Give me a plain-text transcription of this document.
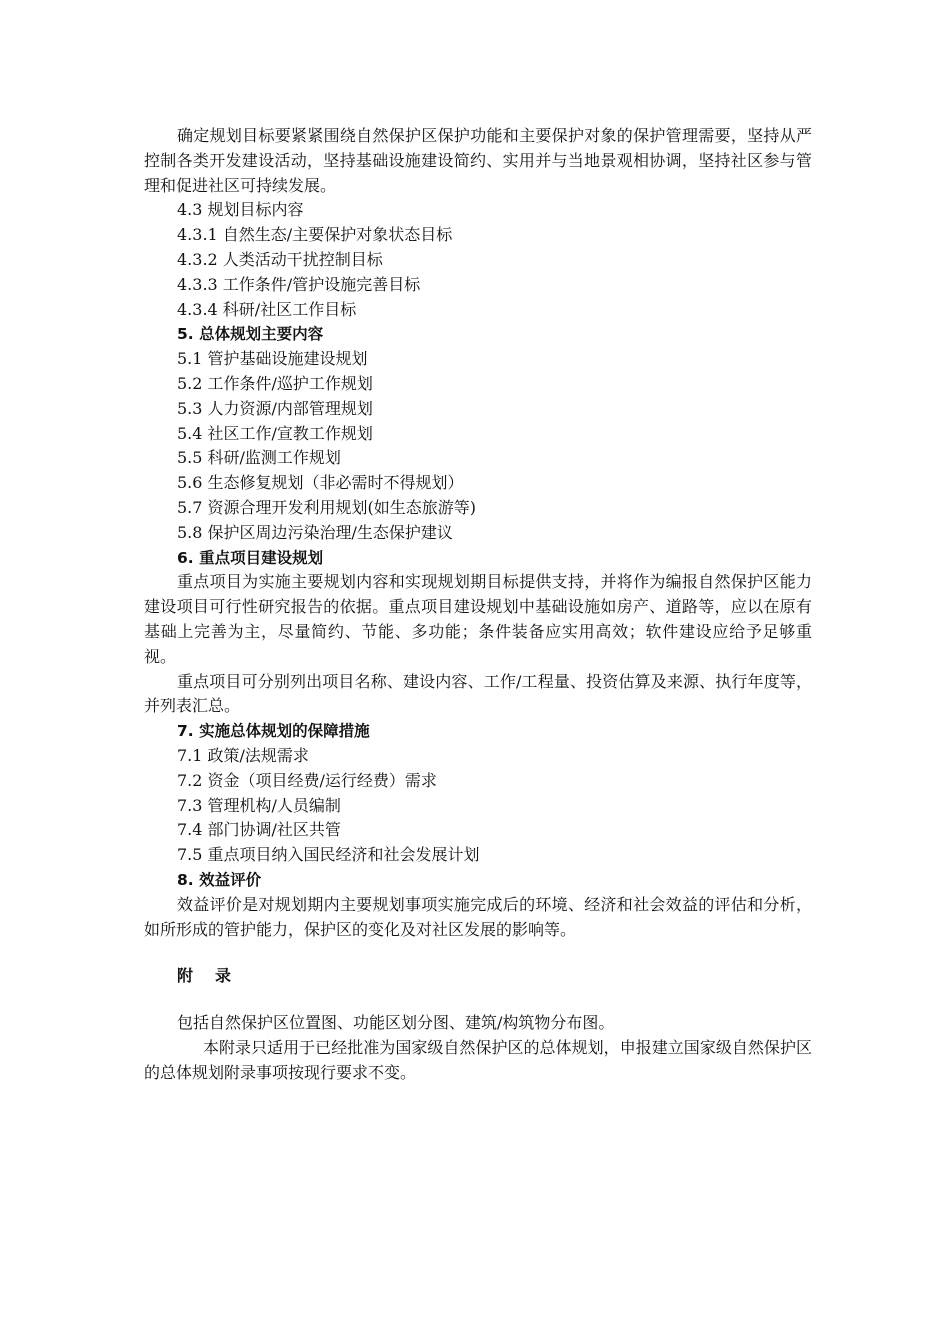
确定规划目标要紧紧围绕自然保护区保护功能和主要保护对象的保护管理需要，坚持从严控制各类开发建设活动，坚持基础设施建设简约、实用并与当地景观相协调，坚持社区参与管理和促进社区可持续发展。

4.3 规划目标内容

4.3.1 自然生态/主要保护对象状态目标

4.3.2 人类活动干扰控制目标

4.3.3 工作条件/管护设施完善目标

4.3.4 科研/社区工作目标

5. 总体规划主要内容

5.1 管护基础设施建设规划

5.2 工作条件/巡护工作规划

5.3 人力资源/内部管理规划

5.4 社区工作/宣教工作规划

5.5 科研/监测工作规划

5.6 生态修复规划（非必需时不得规划）

5.7 资源合理开发利用规划(如生态旅游等)

5.8 保护区周边污染治理/生态保护建议

6. 重点项目建设规划

重点项目为实施主要规划内容和实现规划期目标提供支持，并将作为编报自然保护区能力建设项目可行性研究报告的依据。重点项目建设规划中基础设施如房产、道路等，应以在原有基础上完善为主，尽量简约、节能、多功能；条件装备应实用高效；软件建设应给予足够重视。

重点项目可分别列出项目名称、建设内容、工作/工程量、投资估算及来源、执行年度等，并列表汇总。

7. 实施总体规划的保障措施

7.1 政策/法规需求

7.2 资金（项目经费/运行经费）需求

7.3 管理机构/人员编制

7.4 部门协调/社区共管

7.5 重点项目纳入国民经济和社会发展计划

8. 效益评价

效益评价是对规划期内主要规划事项实施完成后的环境、经济和社会效益的评估和分析，如所形成的管护能力，保护区的变化及对社区发展的影响等。

附录

包括自然保护区位置图、功能区划分图、建筑/构筑物分布图。

本附录只适用于已经批准为国家级自然保护区的总体规划，申报建立国家级自然保护区的总体规划附录事项按现行要求不变。
